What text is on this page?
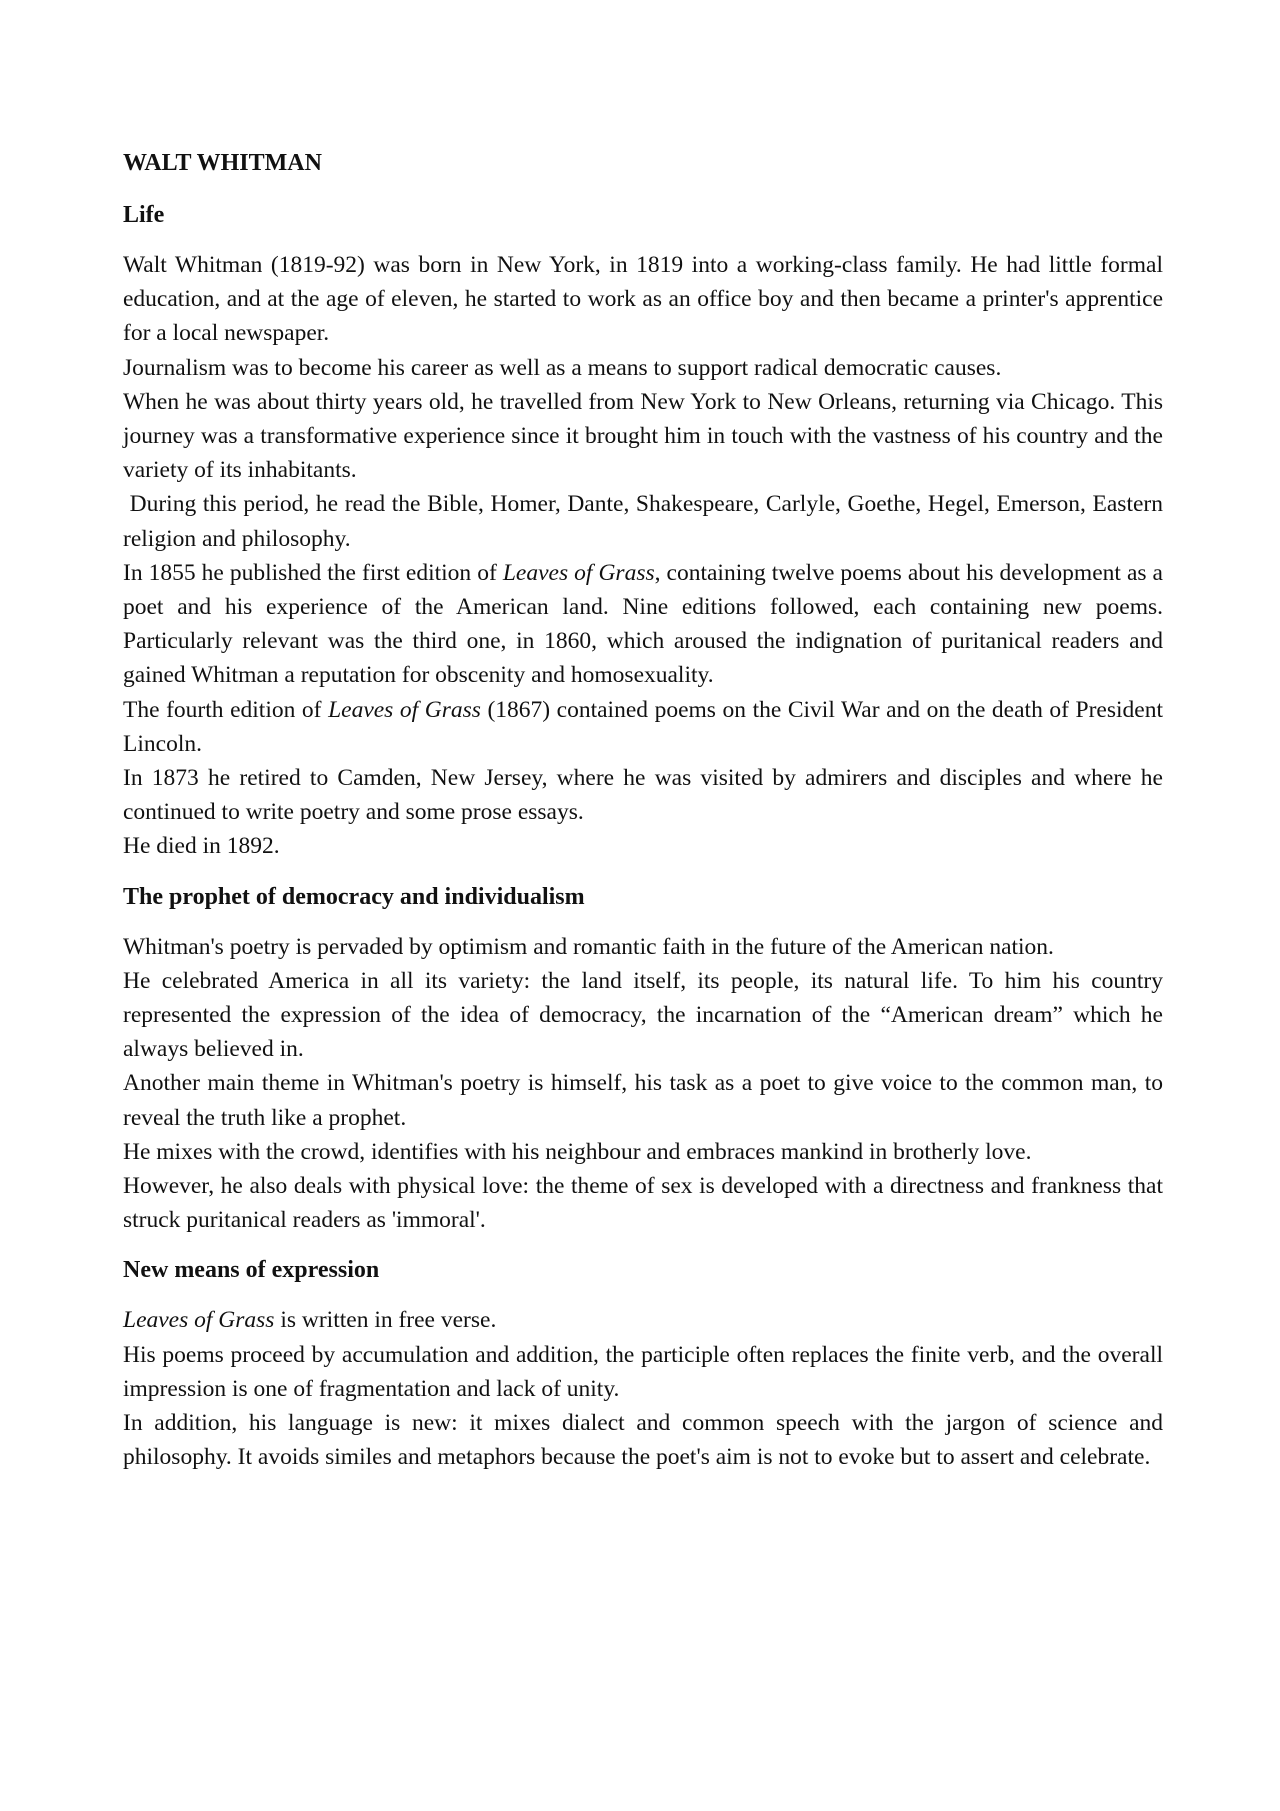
WALT WHITMAN
Life

Walt Whitman (1819-92) was born in New York, in 1819 into a working-class family. He had little formal education, and at the age of eleven, he started to work as an office boy and then became a printer's apprentice for a local newspaper.

Journalism was to become his career as well as a means to support radical democratic causes.

When he was about thirty years old, he travelled from New York to New Orleans, returning via Chicago. This journey was a transformative experience since it brought him in touch with the vastness of his country and the variety of its inhabitants.

During this period, he read the Bible, Homer, Dante, Shakespeare, Carlyle, Goethe, Hegel, Emerson, Eastern religion and philosophy.

In 1855 he published the first edition of Leaves of Grass, containing twelve poems about his development as a poet and his experience of the American land. Nine editions followed, each containing new poems. Particularly relevant was the third one, in 1860, which aroused the indignation of puritanical readers and gained Whitman a reputation for obscenity and homosexuality.

The fourth edition of Leaves of Grass (1867) contained poems on the Civil War and on the death of President Lincoln.

In 1873 he retired to Camden, New Jersey, where he was visited by admirers and disciples and where he continued to write poetry and some prose essays.

He died in 1892.

The prophet of democracy and individualism

Whitman's poetry is pervaded by optimism and romantic faith in the future of the American nation.

He celebrated America in all its variety: the land itself, its people, its natural life. To him his country represented the expression of the idea of democracy, the incarnation of the “American dream” which he always believed in.

Another main theme in Whitman's poetry is himself, his task as a poet to give voice to the common man, to reveal the truth like a prophet.

He mixes with the crowd, identifies with his neighbour and embraces mankind in brotherly love.

However, he also deals with physical love: the theme of sex is developed with a directness and frankness that struck puritanical readers as 'immoral'.

New means of expression

Leaves of Grass is written in free verse.

His poems proceed by accumulation and addition, the participle often replaces the finite verb, and the overall impression is one of fragmentation and lack of unity.

In addition, his language is new: it mixes dialect and common speech with the jargon of science and philosophy. It avoids similes and metaphors because the poet's aim is not to evoke but to assert and celebrate.
